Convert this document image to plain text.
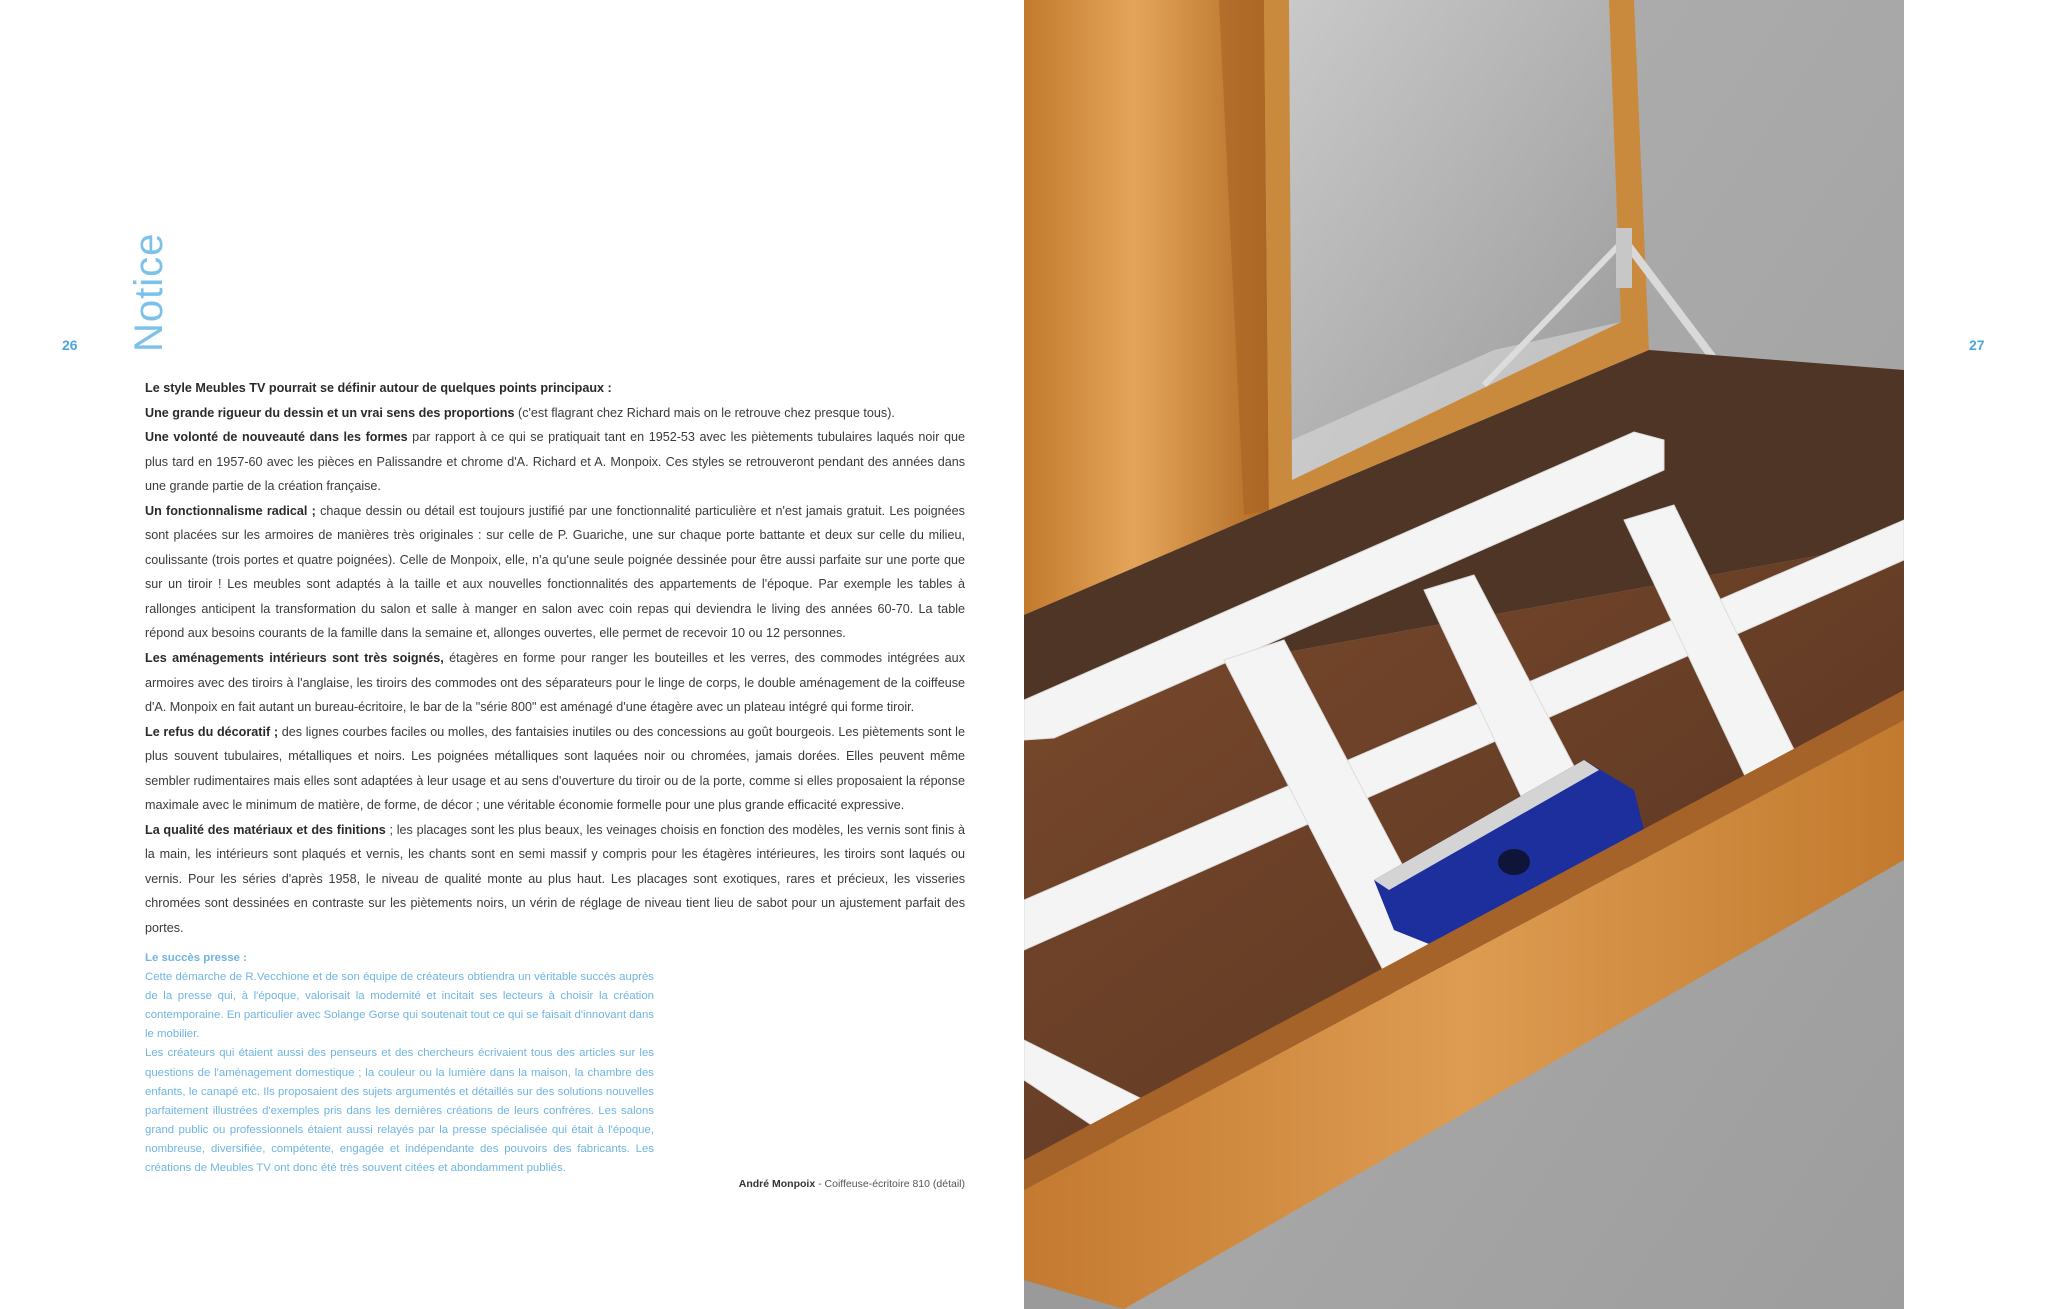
26	27
Notice

Le style Meubles TV pourrait se définir autour de quelques points principaux :

Une grande rigueur du dessin et un vrai sens des proportions (c'est flagrant chez Richard mais on le retrouve chez presque tous).

Une volonté de nouveauté dans les formes par rapport à ce qui se pratiquait tant en 1952-53 avec les piètements tubulaires laqués noir que plus tard en 1957-60 avec les pièces en Palissandre et chrome d'A. Richard et A. Monpoix. Ces styles se retrouveront pendant des années dans une grande partie de la création française.

Un fonctionnalisme radical ; chaque dessin ou détail est toujours justifié par une fonctionnalité particulière et n'est jamais gratuit. Les poignées sont placées sur les armoires de manières très originales : sur celle de P. Guariche, une sur chaque porte battante et deux sur celle du milieu, coulissante (trois portes et quatre poignées). Celle de Monpoix, elle, n'a qu'une seule poignée dessinée pour être aussi parfaite sur une porte que sur un tiroir ! Les meubles sont adaptés à la taille et aux nouvelles fonctionnalités des appartements de l'époque. Par exemple les tables à rallonges anticipent la transformation du salon et salle à manger en salon avec coin repas qui deviendra le living des années 60-70. La table répond aux besoins courants de la famille dans la semaine et, allonges ouvertes, elle permet de recevoir 10 ou 12 personnes.

Les aménagements intérieurs sont très soignés, étagères en forme pour ranger les bouteilles et les verres, des commodes intégrées aux armoires avec des tiroirs à l'anglaise, les tiroirs des commodes ont des séparateurs pour le linge de corps, le double aménagement de la coiffeuse d'A. Monpoix en fait autant un bureau-écritoire, le bar de la "série 800" est aménagé d'une étagère avec un plateau intégré qui forme tiroir.

Le refus du décoratif ; des lignes courbes faciles ou molles, des fantaisies inutiles ou des concessions au goût bourgeois. Les piètements sont le plus souvent tubulaires, métalliques et noirs. Les poignées métalliques sont laquées noir ou chromées, jamais dorées. Elles peuvent même sembler rudimentaires mais elles sont adaptées à leur usage et au sens d'ouverture du tiroir ou de la porte, comme si elles proposaient la réponse maximale avec le minimum de matière, de forme, de décor ; une véritable économie formelle pour une plus grande efficacité expressive.

La qualité des matériaux et des finitions ; les placages sont les plus beaux, les veinages choisis en fonction des modèles, les vernis sont finis à la main, les intérieurs sont plaqués et vernis, les chants sont en semi massif y compris pour les étagères intérieures, les tiroirs sont laqués ou vernis. Pour les séries d'après 1958, le niveau de qualité monte au plus haut. Les placages sont exotiques, rares et précieux, les visseries chromées sont dessinées en contraste sur les piètements noirs, un vérin de réglage de niveau tient lieu de sabot pour un ajustement parfait des portes.

Le succès presse :

Cette démarche de R.Vecchione et de son équipe de créateurs obtiendra un véritable succès auprès de la presse qui, à l'époque, valorisait la modernité et incitait ses lecteurs à choisir la création contemporaine. En particulier avec Solange Gorse qui soutenait tout ce qui se faisait d'innovant dans le mobilier.

Les créateurs qui étaient aussi des penseurs et des chercheurs écrivaient tous des articles sur les questions de l'aménagement domestique ; la couleur ou la lumière dans la maison, la chambre des enfants, le canapé etc. Ils proposaient des sujets argumentés et détaillés sur des solutions nouvelles parfaitement illustrées d'exemples pris dans les dernières créations de leurs confrères. Les salons grand public ou professionnels étaient aussi relayés par la presse spécialisée qui était à l'époque, nombreuse, diversifiée, compétente, engagée et indépendante des pouvoirs des fabricants. Les créations de Meubles TV ont donc été très souvent citées et abondamment publiés.

André Monpoix - Coiffeuse-écritoire 810 (détail)
